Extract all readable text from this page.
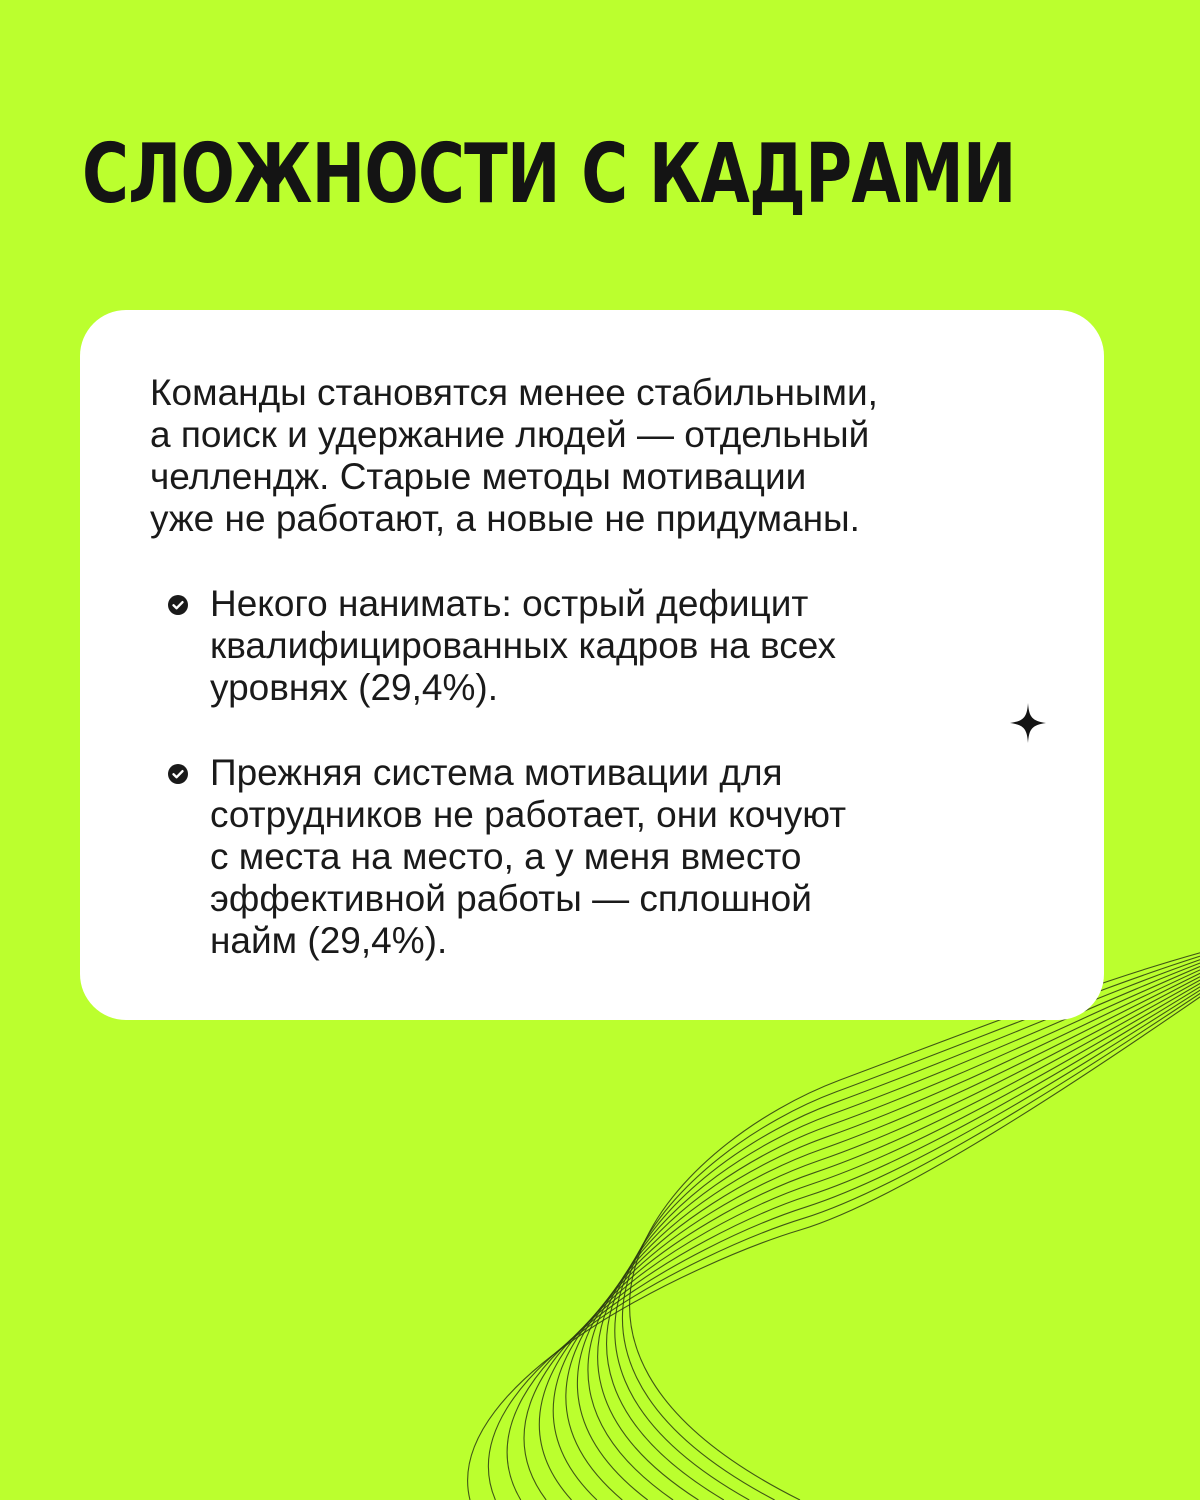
СЛОЖНОСТИ С КАДРАМИ

Команды становятся менее стабильными,
а поиск и удержание людей — отдельный
челлендж. Старые методы мотивации
уже не работают, а новые не придуманы.

Некого нанимать: острый дефицит
квалифицированных кадров на всех
уровнях (29,4%).
Прежняя система мотивации для
сотрудников не работает, они кочуют
с места на место, а у меня вместо
эффективной работы — сплошной
найм (29,4%).
